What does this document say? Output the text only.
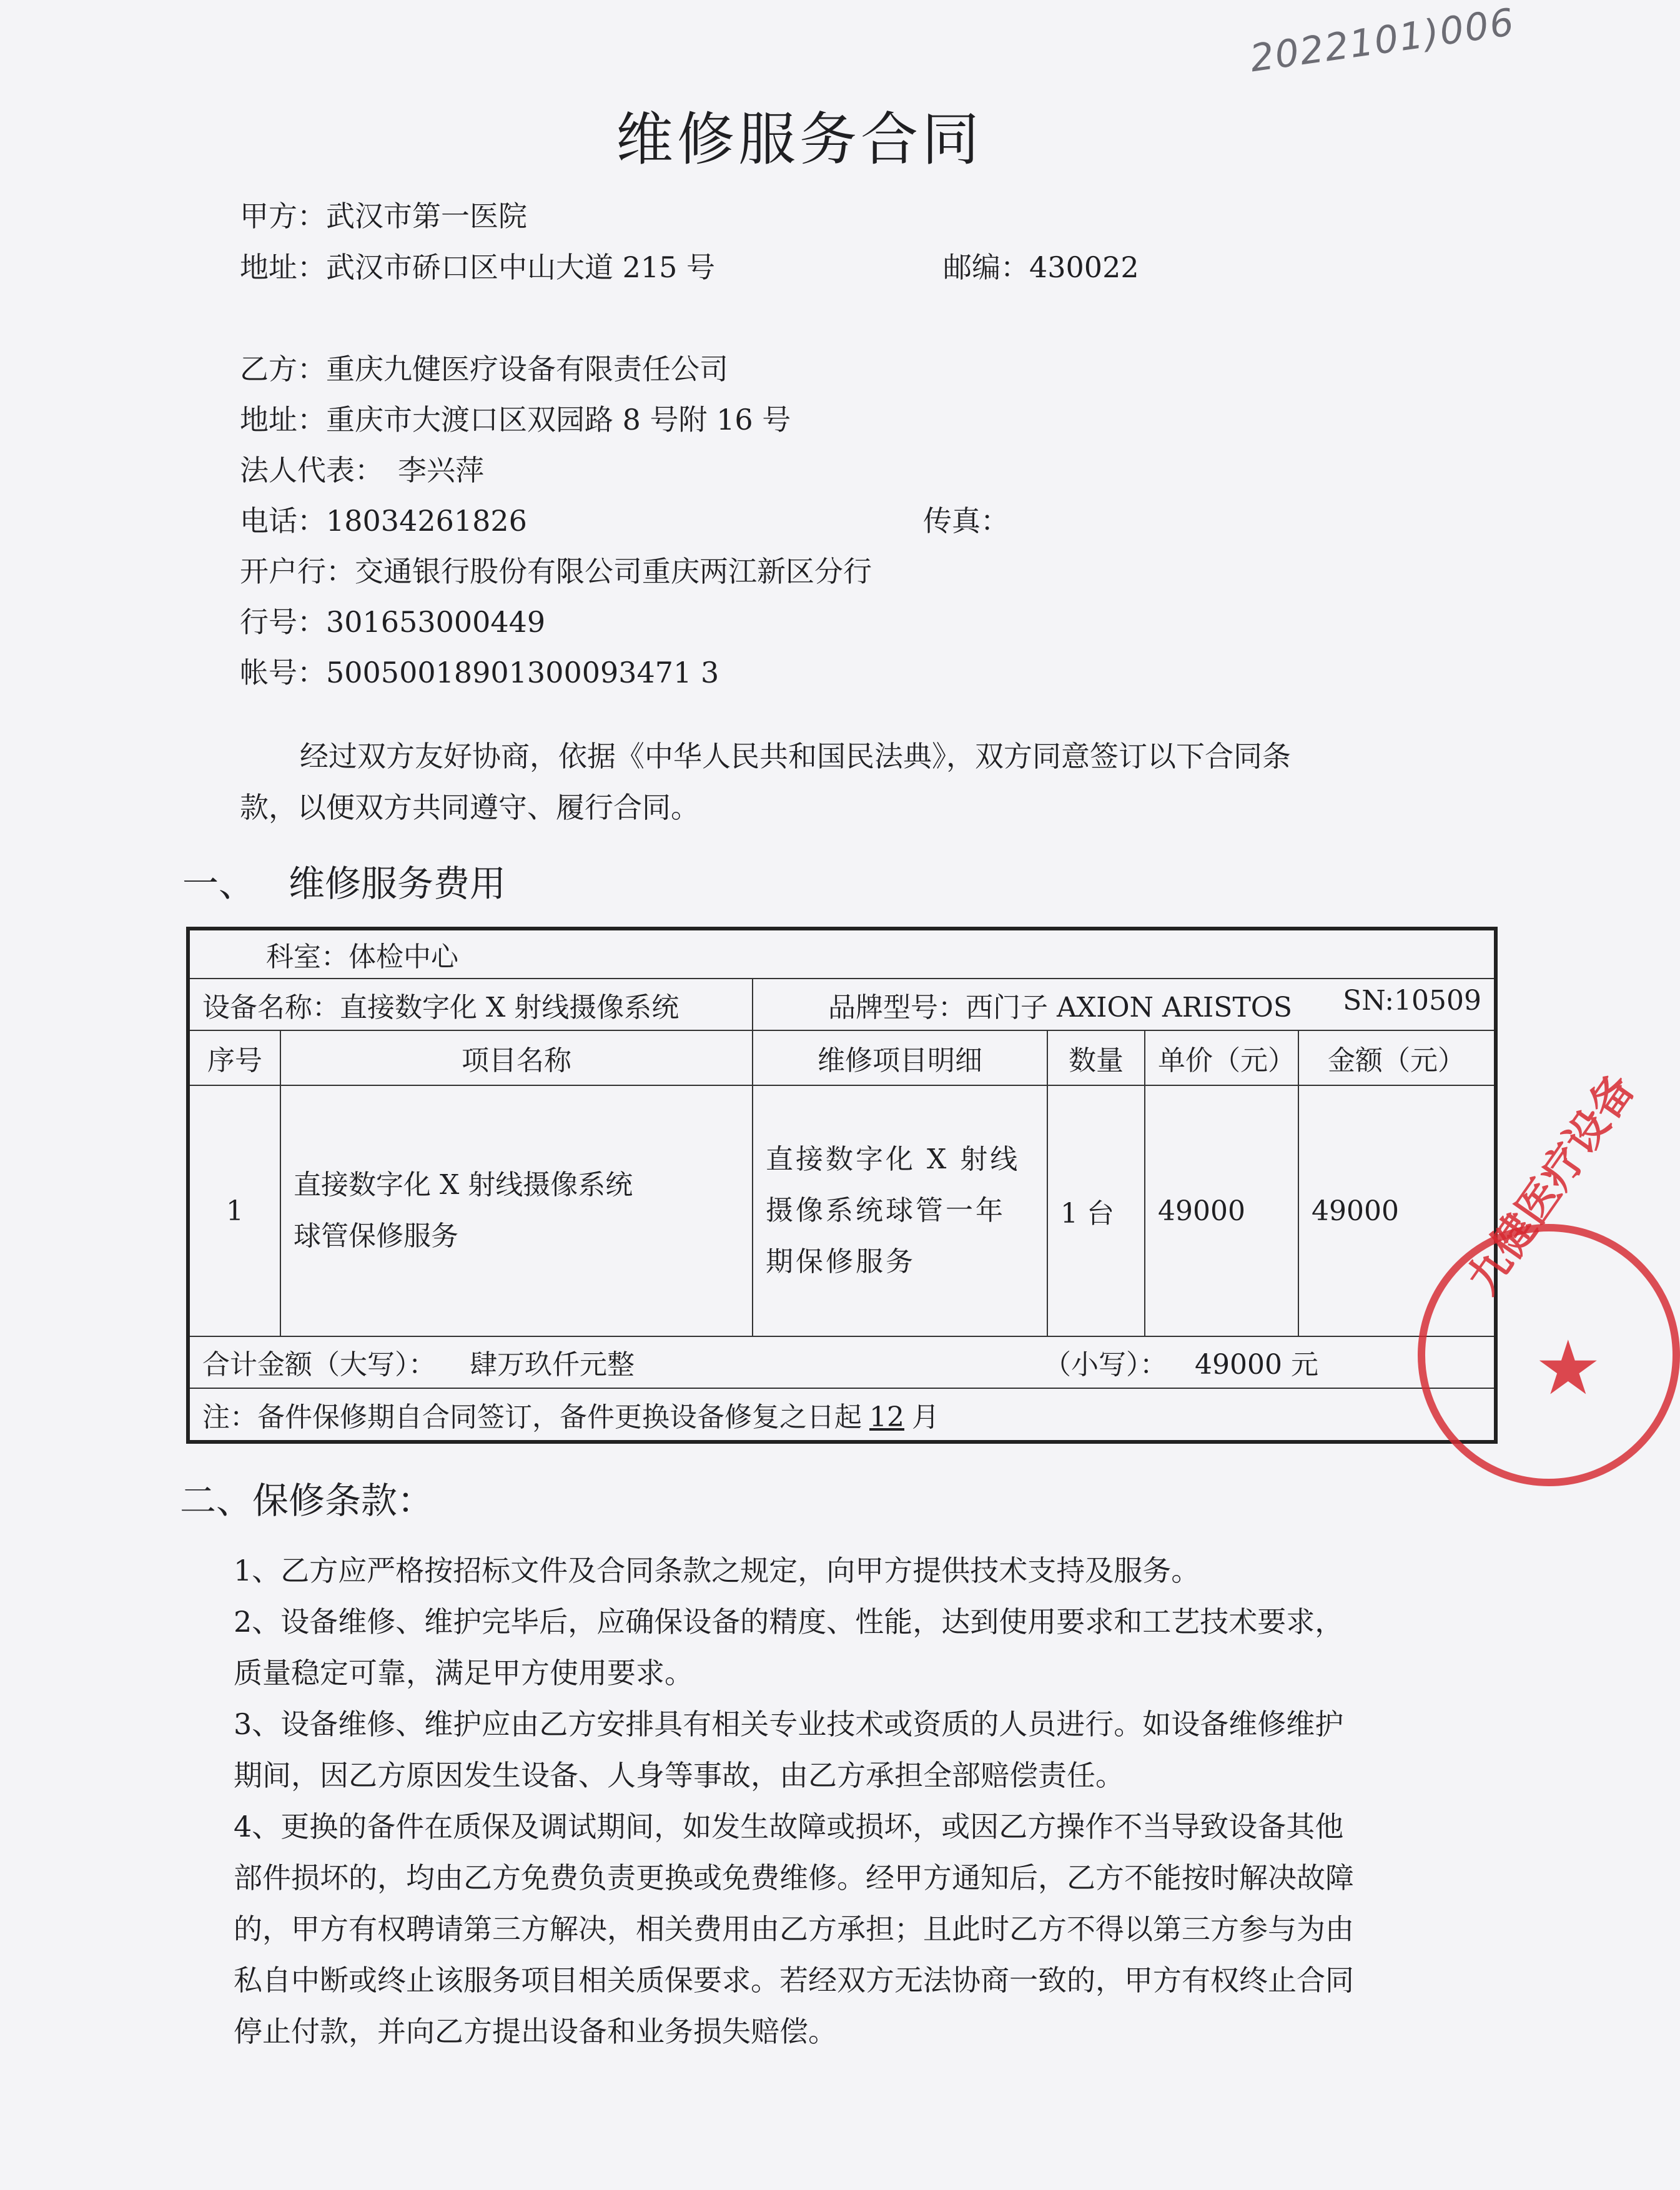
2022101)006
维修服务合同
甲方：武汉市第一医院
地址：武汉市硚口区中山大道 215 号	邮编：430022
乙方：重庆九健医疗设备有限责任公司
地址：重庆市大渡口区双园路 8 号附 16 号
法人代表：　李兴萍
电话：18034261826	传真：
开户行：交通银行股份有限公司重庆两江新区分行
行号：301653000449
帐号：50050018901300093471 3
经过双方友好协商，依据《中华人民共和国民法典》，双方同意签订以下合同条款，以便双方共同遵守、履行合同。
一、 维修服务费用
科室：体检中心					
设备名称：直接数字化 X 射线摄像系统		品牌型号：西门子 AXION ARISTOS SN:10509			

序号	项目名称	维修项目明细	数量	单价（元）	金额（元）
1	直接数字化 X 射线摄像系统球管保修服务	直接数字化 X 射线摄像系统球管一年期保修服务	1 台	49000	49000
合计金额（大写）： 肆万玖仟元整 （小写）： 49000 元					

注：备件保修期自合同签订，备件更换设备修复之日起 12 月					
二、保修条款：

1、乙方应严格按招标文件及合同条款之规定，向甲方提供技术支持及服务。

2、设备维修、维护完毕后，应确保设备的精度、性能，达到使用要求和工艺技术要求，质量稳定可靠，满足甲方使用要求。

3、设备维修、维护应由乙方安排具有相关专业技术或资质的人员进行。如设备维修维护期间，因乙方原因发生设备、人身等事故，由乙方承担全部赔偿责任。

4、更换的备件在质保及调试期间，如发生故障或损坏，或因乙方操作不当导致设备其他部件损坏的，均由乙方免费负责更换或免费维修。经甲方通知后，乙方不能按时解决故障的，甲方有权聘请第三方解决，相关费用由乙方承担；且此时乙方不得以第三方参与为由私自中断或终止该服务项目相关质保要求。若经双方无法协商一致的，甲方有权终止合同停止付款，并向乙方提出设备和业务损失赔偿。

九健医疗设备
★
